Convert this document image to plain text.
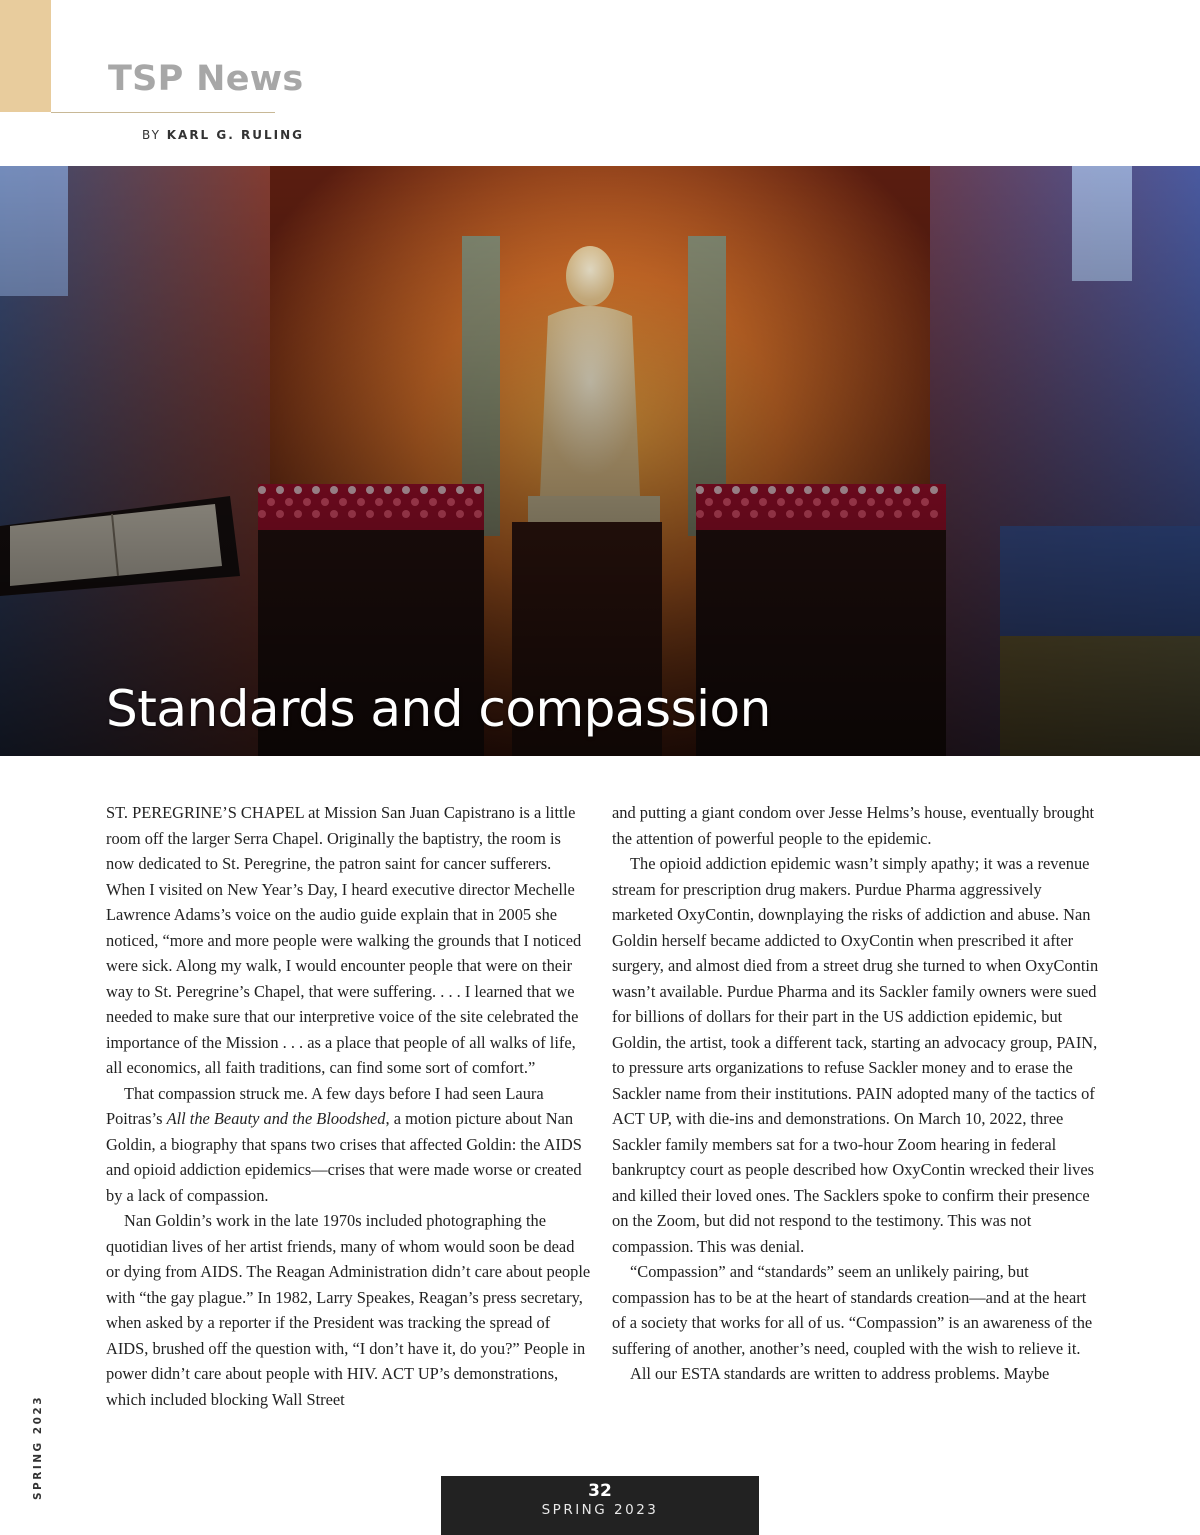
TSP News
BY KARL G. RULING
Standards and compassion

ST. PEREGRINE’S CHAPEL at Mission San Juan Capistrano is a little room off the larger Serra Chapel. Originally the baptistry, the room is now dedicated to St. Peregrine, the patron saint for cancer sufferers. When I visited on New Year’s Day, I heard executive director Mechelle Lawrence Adams’s voice on the audio guide explain that in 2005 she noticed, “more and more people were walking the grounds that I noticed were sick. Along my walk, I would encounter people that were on their way to St. Peregrine’s Chapel, that were suffering. . . . I learned that we needed to make sure that our interpretive voice of the site celebrated the importance of the Mission . . . as a place that people of all walks of life, all economics, all faith traditions, can find some sort of comfort.”

That compassion struck me. A few days before I had seen Laura Poitras’s All the Beauty and the Bloodshed, a motion picture about Nan Goldin, a biography that spans two crises that affected Goldin: the AIDS and opioid addiction epidemics—crises that were made worse or created by a lack of compassion.

Nan Goldin’s work in the late 1970s included photographing the quotidian lives of her artist friends, many of whom would soon be dead or dying from AIDS. The Reagan Administration didn’t care about people with “the gay plague.” In 1982, Larry Speakes, Reagan’s press secretary, when asked by a reporter if the President was tracking the spread of AIDS, brushed off the question with, “I don’t have it, do you?” People in power didn’t care about people with HIV. ACT UP’s demonstrations, which included blocking Wall Street

and putting a giant condom over Jesse Helms’s house, eventually brought the attention of powerful people to the epidemic.

The opioid addiction epidemic wasn’t simply apathy; it was a revenue stream for prescription drug makers. Purdue Pharma aggressively marketed OxyContin, downplaying the risks of addiction and abuse. Nan Goldin herself became addicted to OxyContin when prescribed it after surgery, and almost died from a street drug she turned to when OxyContin wasn’t available. Purdue Pharma and its Sackler family owners were sued for billions of dollars for their part in the US addiction epidemic, but Goldin, the artist, took a different tack, starting an advocacy group, PAIN, to pressure arts organizations to refuse Sackler money and to erase the Sackler name from their institutions. PAIN adopted many of the tactics of ACT UP, with die-ins and demonstrations. On March 10, 2022, three Sackler family members sat for a two-hour Zoom hearing in federal bankruptcy court as people described how OxyContin wrecked their lives and killed their loved ones. The Sacklers spoke to confirm their presence on the Zoom, but did not respond to the testimony. This was not compassion. This was denial.

“Compassion” and “standards” seem an unlikely pairing, but compassion has to be at the heart of standards creation—and at the heart of a society that works for all of us. “Compassion” is an awareness of the suffering of another, another’s need, coupled with the wish to relieve it.

All our ESTA standards are written to address problems. Maybe

SPRING 2023	32
SPRING 2023
